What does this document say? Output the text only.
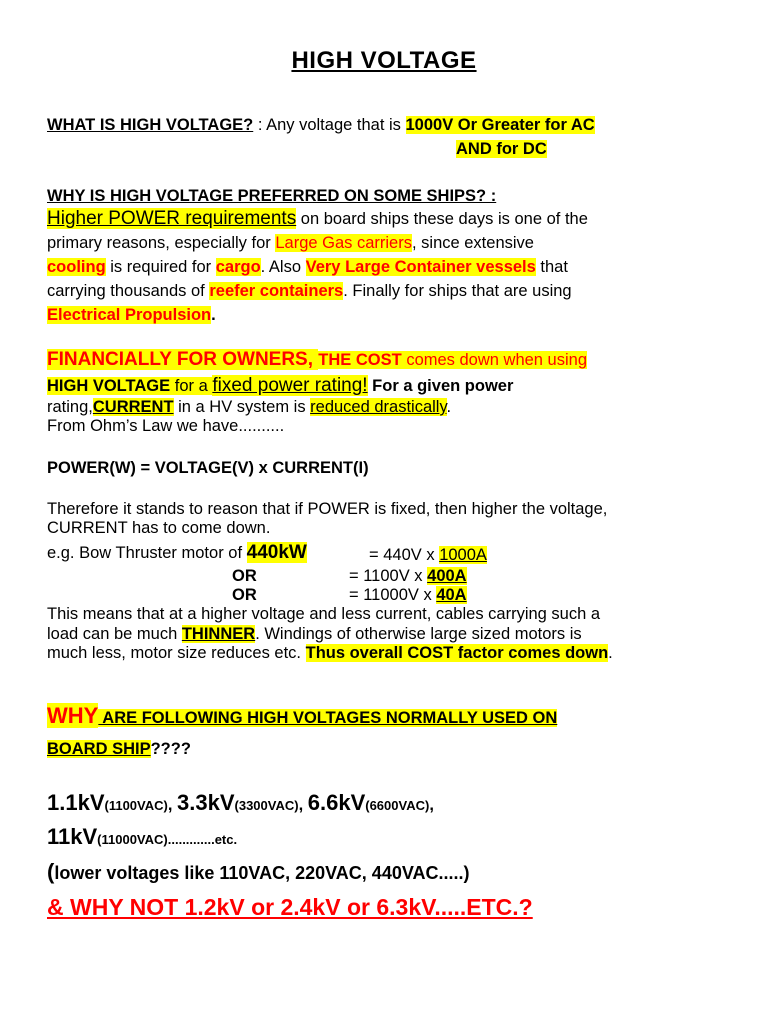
HIGH VOLTAGE
WHAT IS HIGH VOLTAGE? : Any voltage that is 1000V Or Greater for AC
AND for DC
WHY IS HIGH VOLTAGE PREFERRED ON SOME SHIPS? :
Higher POWER requirements on board ships these days is one of the
primary reasons, especially for Large Gas carriers, since extensive
cooling is required for cargo. Also Very Large Container vessels that
carrying thousands of reefer containers. Finally for ships that are using
Electrical Propulsion.
FINANCIALLY FOR OWNERS, THE COST comes down when using
HIGH VOLTAGE for a fixed power rating! For a given power
rating,CURRENT in a HV system is reduced drastically.
From Ohm’s Law we have..........
POWER(W) = VOLTAGE(V) x CURRENT(I)
Therefore it stands to reason that if POWER is fixed, then higher the voltage,
CURRENT has to come down.
e.g. Bow Thruster motor of 440kW	= 440V x 1000A
OR	= 1100V x 400A
OR	= 11000V x 40A
This means that at a higher voltage and less current, cables carrying such a
load can be much THINNER. Windings of otherwise large sized motors is
much less, motor size reduces etc. Thus overall COST factor comes down.
WHY ARE FOLLOWING HIGH VOLTAGES NORMALLY USED ON
BOARD SHIP????
1.1kV(1100VAC), 3.3kV(3300VAC), 6.6kV(6600VAC),
11kV(11000VAC).............etc.
(lower voltages like 110VAC, 220VAC, 440VAC.....)
& WHY NOT 1.2kV or 2.4kV or 6.3kV.....ETC.?
